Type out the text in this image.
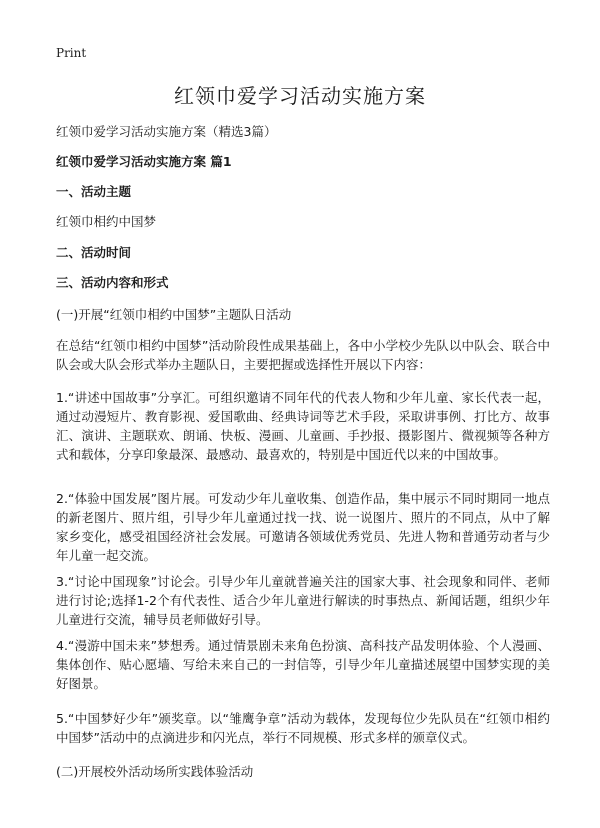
Print
红领巾爱学习活动实施方案

红领巾爱学习活动实施方案（精选3篇）

红领巾爱学习活动实施方案 篇1

一、活动主题

红领巾相约中国梦

二、活动时间

三、活动内容和形式

(一)开展“红领巾相约中国梦”主题队日活动

在总结“红领巾相约中国梦”活动阶段性成果基础上，各中小学校少先队以中队会、联合中队会或大队会形式举办主题队日，主要把握或选择性开展以下内容：

1.“讲述中国故事”分享汇。可组织邀请不同年代的代表人物和少年儿童、家长代表一起，通过动漫短片、教育影视、爱国歌曲、经典诗词等艺术手段，采取讲事例、打比方、故事汇、演讲、主题联欢、朗诵、快板、漫画、儿童画、手抄报、摄影图片、微视频等各种方式和载体，分享印象最深、最感动、最喜欢的，特别是中国近代以来的中国故事。

2.“体验中国发展”图片展。可发动少年儿童收集、创造作品，集中展示不同时期同一地点的新老图片、照片组，引导少年儿童通过找一找、说一说图片、照片的不同点，从中了解家乡变化，感受祖国经济社会发展。可邀请各领域优秀党员、先进人物和普通劳动者与少年儿童一起交流。

3.“讨论中国现象”讨论会。引导少年儿童就普遍关注的国家大事、社会现象和同伴、老师进行讨论;选择1-2个有代表性、适合少年儿童进行解读的时事热点、新闻话题，组织少年儿童进行交流，辅导员老师做好引导。

4.“漫游中国未来”梦想秀。通过情景剧未来角色扮演、高科技产品发明体验、个人漫画、集体创作、贴心愿墙、写给未来自己的一封信等，引导少年儿童描述展望中国梦实现的美好图景。

5.“中国梦好少年”颁奖章。以“雏鹰争章”活动为载体，发现每位少先队员在“红领巾相约中国梦”活动中的点滴进步和闪光点，举行不同规模、形式多样的颁章仪式。

(二)开展校外活动场所实践体验活动
